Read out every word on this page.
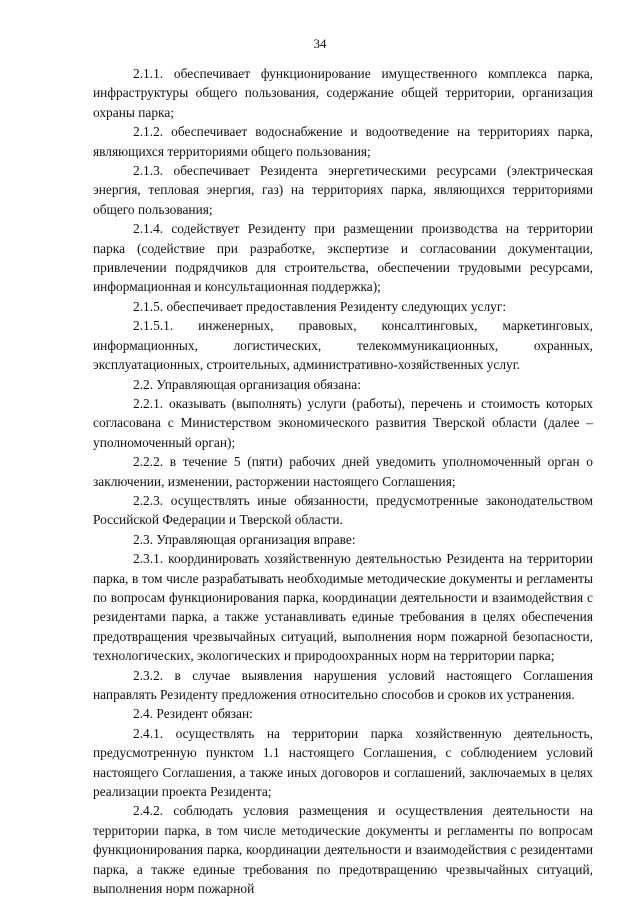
34

2.1.1. обеспечивает функционирование имущественного комплекса парка, инфраструктуры общего пользования, содержание общей территории, организация охраны парка;

2.1.2. обеспечивает водоснабжение и водоотведение на территориях парка, являющихся территориями общего пользования;

2.1.3. обеспечивает Резидента энергетическими ресурсами (электрическая энергия, тепловая энергия, газ) на территориях парка, являющихся территориями общего пользования;

2.1.4. содействует Резиденту при размещении производства на территории парка (содействие при разработке, экспертизе и согласовании документации, привлечении подрядчиков для строительства, обеспечении трудовыми ресурсами, информационная и консультационная поддержка);

2.1.5. обеспечивает предоставления Резиденту следующих услуг:

2.1.5.1. инженерных, правовых, консалтинговых, маркетинговых, информационных, логистических, телекоммуникационных, охранных, эксплуатационных, строительных, административно-хозяйственных услуг.

2.2. Управляющая организация обязана:

2.2.1. оказывать (выполнять) услуги (работы), перечень и стоимость которых согласована с Министерством экономического развития Тверской области (далее – уполномоченный орган);

2.2.2. в течение 5 (пяти) рабочих дней уведомить уполномоченный орган о заключении, изменении, расторжении настоящего Соглашения;

2.2.3. осуществлять иные обязанности, предусмотренные законодательством Российской Федерации и Тверской области.

2.3. Управляющая организация вправе:

2.3.1. координировать хозяйственную деятельностью Резидента на территории парка, в том числе разрабатывать необходимые методические документы и регламенты по вопросам функционирования парка, координации деятельности и взаимодействия с резидентами парка, а также устанавливать единые требования в целях обеспечения предотвращения чрезвычайных ситуаций, выполнения норм пожарной безопасности, технологических, экологических и природоохранных норм на территории парка;

2.3.2. в случае выявления нарушения условий настоящего Соглашения направлять Резиденту предложения относительно способов и сроков их устранения.

2.4. Резидент обязан:

2.4.1. осуществлять на территории парка хозяйственную деятельность, предусмотренную пунктом 1.1 настоящего Соглашения, с соблюдением условий настоящего Соглашения, а также иных договоров и соглашений, заключаемых в целях реализации проекта Резидента;

2.4.2. соблюдать условия размещения и осуществления деятельности на территории парка, в том числе методические документы и регламенты по вопросам функционирования парка, координации деятельности и взаимодействия с резидентами парка, а также единые требования по предотвращению чрезвычайных ситуаций, выполнения норм пожарной
